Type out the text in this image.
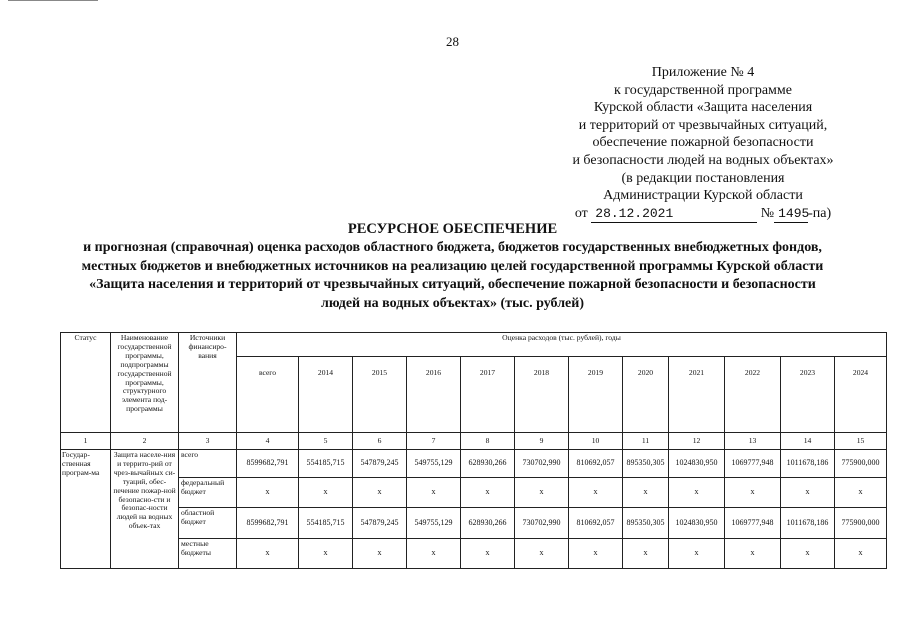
28
Приложение № 4
к государственной программе
Курской области «Защита населения
и территорий от чрезвычайных ситуаций,
обеспечение пожарной безопасности
и безопасности людей на водных объектах»
(в редакции постановления
Администрации Курской области
от 28.12.2021	№ 1495-па)
РЕСУРСНОЕ ОБЕСПЕЧЕНИЕ
и прогнозная (справочная) оценка расходов областного бюджета, бюджетов государственных внебюджетных фондов, местных бюджетов и внебюджетных источников на реализацию целей государственной программы Курской области «Защита населения и территорий от чрезвычайных ситуаций, обеспечение пожарной безопасности и безопасности людей на водных объектах» (тыс. рублей)
Статус	Наименование государственной программы, подпрограммы государственной программы, структурного элемента под-программы	Источники финансиро-вания	Оценка расходов (тыс. рублей), годы											
			всего	2014	2015	2016	2017	2018	2019	2020	2021	2022	2023	2024
1	2	3	4	5	6	7	8	9	10	11	12	13	14	15
Государ-ственная програм-ма	Защита населе-ния и террито-рий от чрез-вычайных си-туаций, обес-печение пожар-ной безопасно-сти и безопас-ности людей на водных объек-тах	всего	8599682,791	554185,715	547879,245	549755,129	628930,266	730702,990	810692,057	895350,305	1024830,950	1069777,948	1011678,186	775900,000
		федеральный бюджет	x	x	x	x	x	x	x	x	x	x	x	x
		областной бюджет	8599682,791	554185,715	547879,245	549755,129	628930,266	730702,990	810692,057	895350,305	1024830,950	1069777,948	1011678,186	775900,000
		местные бюджеты	x	x	x	x	x	x	x	x	x	x	x	x
